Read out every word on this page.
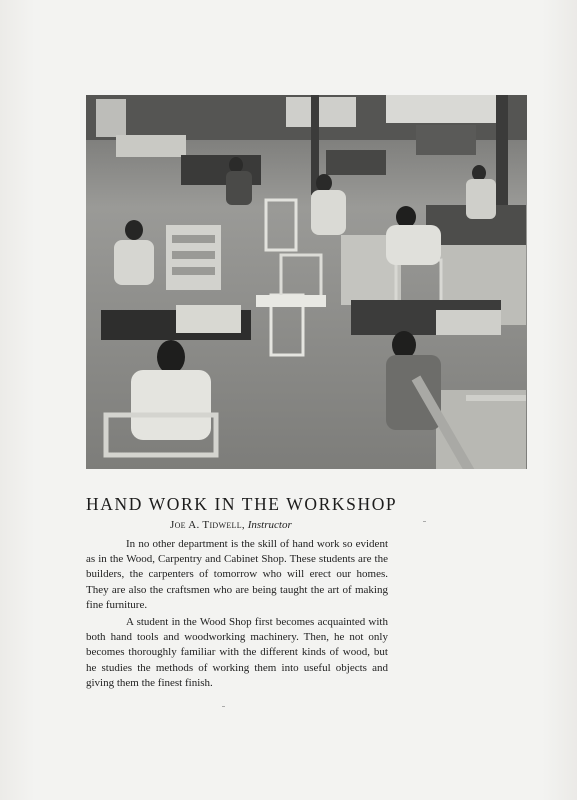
HAND WORK IN THE WORKSHOP
Joe A. Tidwell, Instructor

In no other department is the skill of hand work so evident as in the Wood, Carpentry and Cabinet Shop. These students are the builders, the carpenters of tomorrow who will erect our homes. They are also the craftsmen who are being taught the art of making fine furniture.

A student in the Wood Shop first becomes acquainted with both hand tools and woodworking machinery. Then, he not only becomes thoroughly familiar with the different kinds of wood, but he studies the methods of working them into useful objects and giving them the finest finish.
